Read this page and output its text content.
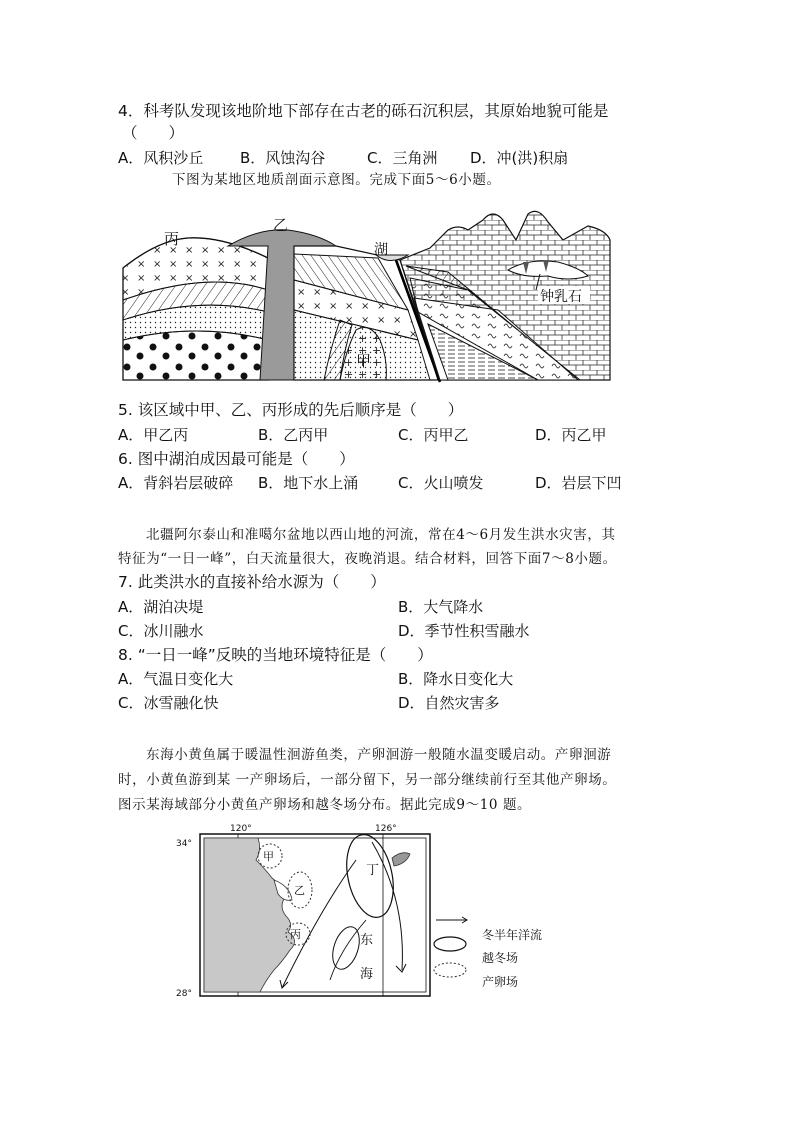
4．科考队发现该地阶地下部存在古老的砾石沉积层，其原始地貌可能是
（　　）
A．风积沙丘 B．风蚀沟谷	C．三角洲 D．冲(洪)积扇
下图为某地区地质剖面示意图。完成下面5～6小题。
丙
乙
湖
甲
钟乳石
5. 该区域中甲、乙、丙形成的先后顺序是（　　）
A．甲乙丙	B．乙丙甲	C．丙甲乙	D．丙乙甲
6. 图中湖泊成因最可能是（　　）
A．背斜岩层破碎 B．地下水上涌	C．火山喷发	D．岩层下凹
北疆阿尔泰山和准噶尔盆地以西山地的河流，常在4～6月发生洪水灾害，其
特征为“一日一峰”，白天流量很大，夜晚消退。结合材料，回答下面7～8小题。
7. 此类洪水的直接补给水源为（　　）
A．湖泊决堤	B．大气降水
C．冰川融水	D．季节性积雪融水
8. “一日一峰”反映的当地环境特征是（　　）
A．气温日变化大	B．降水日变化大
C．冰雪融化快	D．自然灾害多
东海小黄鱼属于暖温性洄游鱼类，产卵洄游一般随水温变暖启动。产卵洄游
时，小黄鱼游到某 一产卵场后，一部分留下，另一部分继续前行至其他产卵场。
图示某海域部分小黄鱼产卵场和越冬场分布。据此完成9～10 题。
120°	126°
34°
28°
甲
乙
丙
丁
东
海
冬半年洋流
越冬场
产卵场
